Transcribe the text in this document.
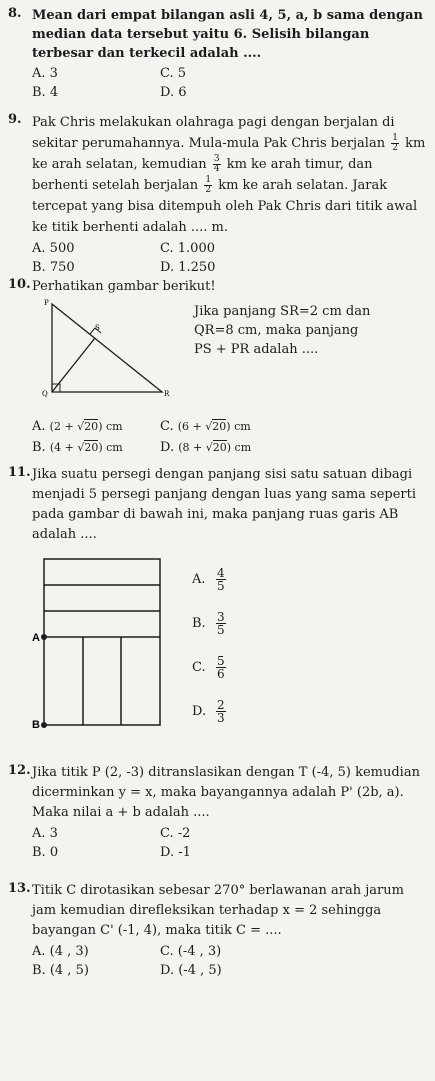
8. Mean dari empat bilangan asli 4, 5, a, b sama dengan median data tersebut yaitu 6. Selisih bilangan terbesar dan terkecil adalah ....

A. 3	C. 5
B. 4	D. 6
9. Pak Chris melakukan olahraga pagi dengan berjalan di sekitar perumahannya. Mula-mula Pak Chris berjalan $\frac{1}{2}$ km ke arah selatan, kemudian $\frac{3}{4}$ km ke arah timur, dan berhenti setelah berjalan $\frac{1}{2}$ km ke arah selatan. Jarak tercepat yang bisa ditempuh oleh Pak Chris dari titik awal ke titik berhenti adalah .... m.

A. 500	C. 1.000
B. 750	D. 1.250
10. Perhatikan gambar berikut!

P
S
Q	R

Jika panjang SR=2 cm dan QR=8 cm, maka panjang PS + PR adalah ....

A. (2 + √20) cm	C. (6 + √20) cm
B. (4 + √20) cm	D. (8 + √20) cm
11. Jika suatu persegi dengan panjang sisi satu satuan dibagi menjadi 5 persegi panjang dengan luas yang sama seperti pada gambar di bawah ini, maka panjang ruas garis AB adalah ....

A
B
A. $\frac{4}{5}$
B. $\frac{3}{5}$
C. $\frac{5}{6}$
D. $\frac{2}{3}$
12. Jika titik P (2, -3) ditranslasikan dengan T (-4, 5) kemudian dicerminkan y = x, maka bayangannya adalah P' (2b, a). Maka nilai a + b adalah ....

A. 3	C. -2
B. 0	D. -1
13. Titik C dirotasikan sebesar 270° berlawanan arah jarum jam kemudian direfleksikan terhadap x = 2 sehingga bayangan C' (-1, 4), maka titik C = ....

A. (4 , 3)	C. (-4 , 3)
B. (4 , 5)	D. (-4 , 5)
